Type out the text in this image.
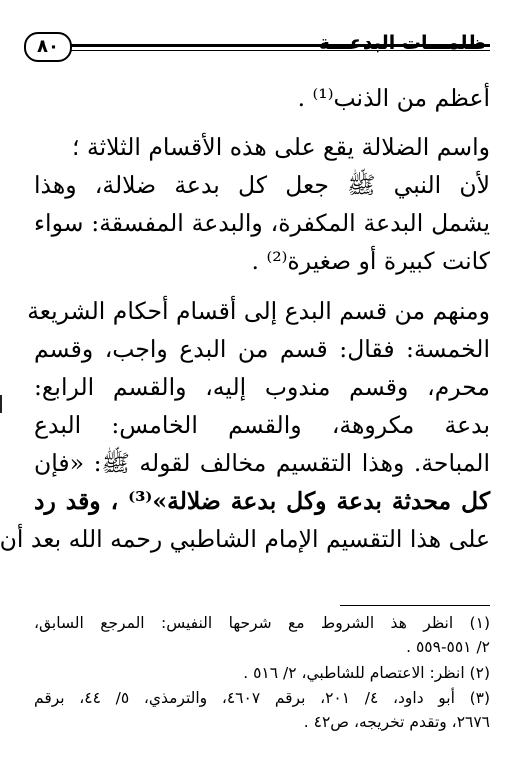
٨٠	ظلمـــات البدعـــة
أعظم من الذنب⁽¹⁾ .
واسم الضلالة يقع على هذه الأقسام الثلاثة ؛
لأن النبي ﷺ جعل كل بدعة ضلالة، وهذا
يشمل البدعة المكفرة، والبدعة المفسقة: سواء
كانت كبيرة أو صغيرة⁽²⁾ .
ومنهم من قسم البدع إلى أقسام أحكام الشريعة
الخمسة: فقال: قسم من البدع واجب، وقسم
محرم، وقسم مندوب إليه، والقسم الرابع:
بدعة مكروهة، والقسم الخامس: البدع
المباحة. وهذا التقسيم مخالف لقوله ﷺ: «فإن
كل محدثة بدعة وكل بدعة ضلالة»⁽³⁾ ، وقد رد
على هذا التقسيم الإمام الشاطبي رحمه الله بعد أن
(١) انظر هذ الشروط مع شرحها النفيس: المرجع السابق،
٢/ ٥٥١-٥٥٩ .
(٢) انظر: الاعتصام للشاطبي، ٢/ ٥١٦ .
(٣) أبو داود، ٤/ ٢٠١، برقم ٤٦٠٧، والترمذي، ٥/ ٤٤، برقم
٢٦٧٦، وتقدم تخريجه، ص٤٢ .
